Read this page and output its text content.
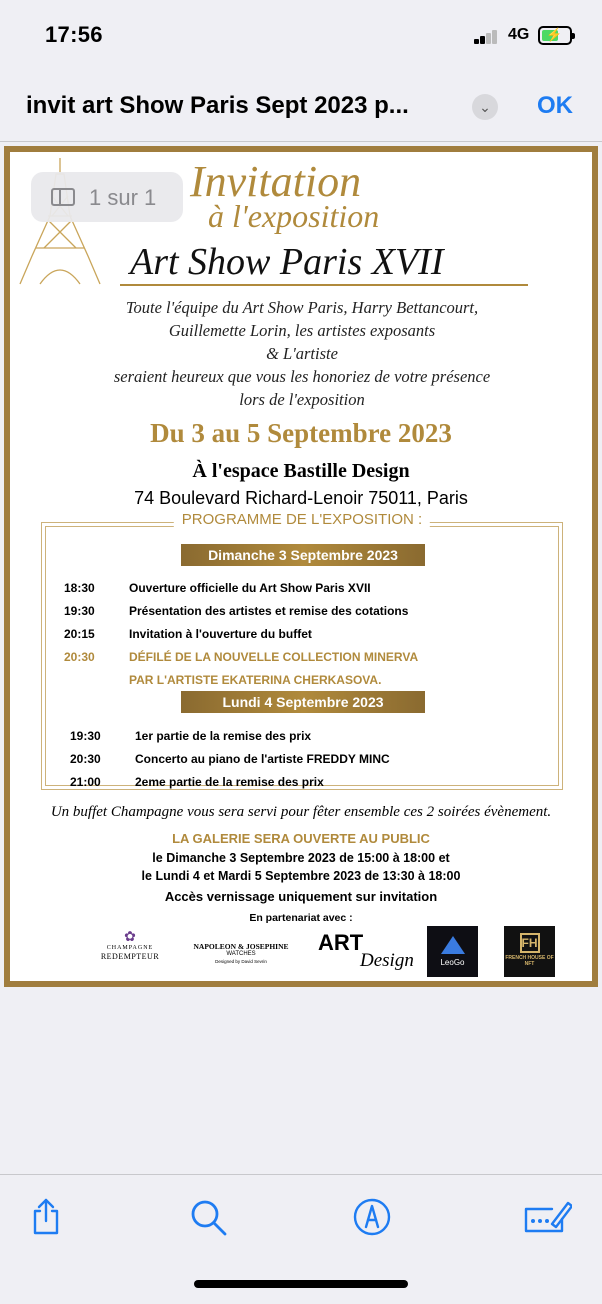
17:56	4G ⚡
invit art Show Paris Sept 2023 p...	⌄ OK
1 sur 1 Invitation
à l'exposition
Art Show Paris XVII
Toute l'équipe du Art Show Paris, Harry Bettancourt,
Guillemette Lorin, les artistes exposants
& L'artiste
seraient heureux que vous les honoriez de votre présence
lors de l'exposition
Du 3 au 5 Septembre 2023
À l'espace Bastille Design
74 Boulevard Richard-Lenoir 75011, Paris
PROGRAMME DE L'EXPOSITION :
Dimanche 3 Septembre 2023
18:30	Ouverture officielle du Art Show Paris XVII
19:30	Présentation des artistes et remise des cotations
20:15	Invitation à l'ouverture du buffet
20:30	DÉFILÉ DE LA NOUVELLE COLLECTION MINERVA
PAR L'ARTISTE EKATERINA CHERKASOVA.
Lundi 4 Septembre 2023
19:30	1er partie de la remise des prix
20:30	Concerto au piano de l'artiste FREDDY MINC
21:00	2eme partie de la remise des prix
Un buffet Champagne vous sera servi pour fêter ensemble ces 2 soirées évènement.
LA GALERIE SERA OUVERTE AU PUBLIC
le Dimanche 3 Septembre 2023 de 15:00 à 18:00 et
le Lundi 4 et Mardi 5 Septembre 2023 de 13:30 à 18:00
Accès vernissage uniquement sur invitation
En partenariat avec :
✿
CHAMPAGNE
REDEMPTEUR
NAPOLEON & JOSEPHINE
WATCHES
Designed by David Sevrin
ART
Design	LeoGo
FH
FRENCH HOUSE OF NFT
